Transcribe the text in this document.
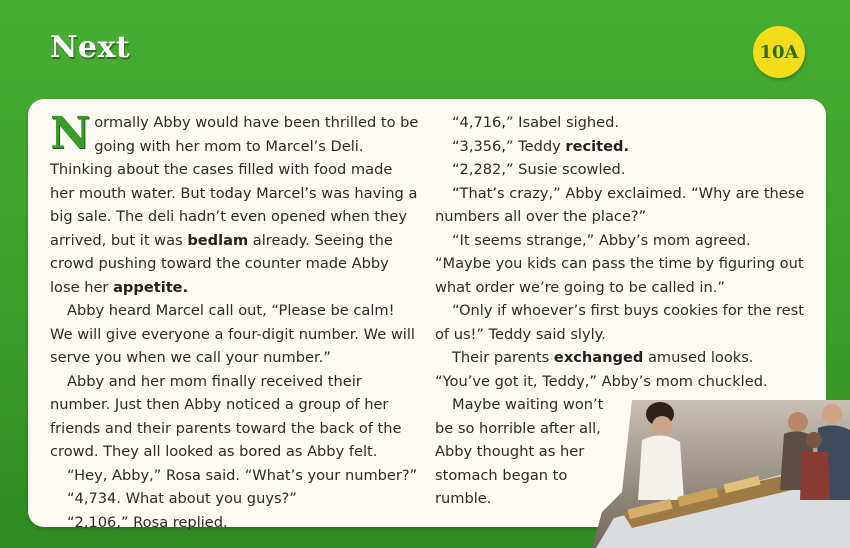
Next	10A

Normally Abby would have been thrilled to be going with her mom to Marcel’s Deli. Thinking about the cases filled with food made her mouth water. But today Marcel’s was having a big sale. The deli hadn’t even opened when they arrived, but it was bedlam already. Seeing the crowd pushing toward the counter made Abby lose her appetite.

Abby heard Marcel call out, “Please be calm! We will give everyone a four-digit number. We will serve you when we call your number.”

Abby and her mom finally received their number. Just then Abby noticed a group of her friends and their parents toward the back of the crowd. They all looked as bored as Abby felt.

“Hey, Abby,” Rosa said. “What’s your number?”

“4,734. What about you guys?”

“2,106,” Rosa replied.

“4,716,” Isabel sighed.

“3,356,” Teddy recited.

“2,282,” Susie scowled.

“That’s crazy,” Abby exclaimed. “Why are these numbers all over the place?”

“It seems strange,” Abby’s mom agreed. “Maybe you kids can pass the time by figuring out what order we’re going to be called in.”

“Only if whoever’s first buys cookies for the rest of us!” Teddy said slyly.

Their parents exchanged amused looks. “You’ve got it, Teddy,” Abby’s mom chuckled.

Maybe waiting won’t be so horrible after all, Abby thought as her stomach began to rumble.
